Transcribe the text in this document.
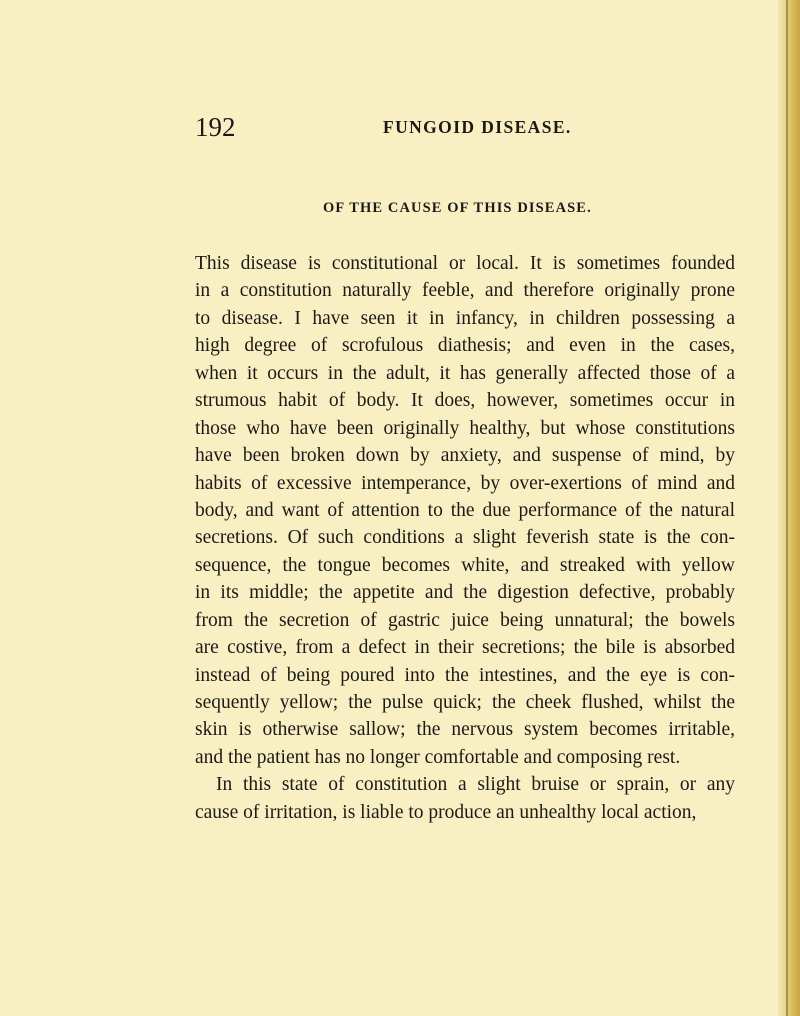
192	FUNGOID DISEASE.
OF THE CAUSE OF THIS DISEASE.
This disease is constitutional or local. It is sometimes founded
in a constitution naturally feeble, and therefore originally prone
to disease. I have seen it in infancy, in children possessing a
high degree of scrofulous diathesis; and even in the cases,
when it occurs in the adult, it has generally affected those of a
strumous habit of body. It does, however, sometimes occur in
those who have been originally healthy, but whose constitutions
have been broken down by anxiety, and suspense of mind, by
habits of excessive intemperance, by over-exertions of mind and
body, and want of attention to the due performance of the natural
secretions. Of such conditions a slight feverish state is the con-
sequence, the tongue becomes white, and streaked with yellow
in its middle; the appetite and the digestion defective, probably
from the secretion of gastric juice being unnatural; the bowels
are costive, from a defect in their secretions; the bile is absorbed
instead of being poured into the intestines, and the eye is con-
sequently yellow; the pulse quick; the cheek flushed, whilst the
skin is otherwise sallow; the nervous system becomes irritable,
and the patient has no longer comfortable and composing rest.
In this state of constitution a slight bruise or sprain, or any
cause of irritation, is liable to produce an unhealthy local action,
